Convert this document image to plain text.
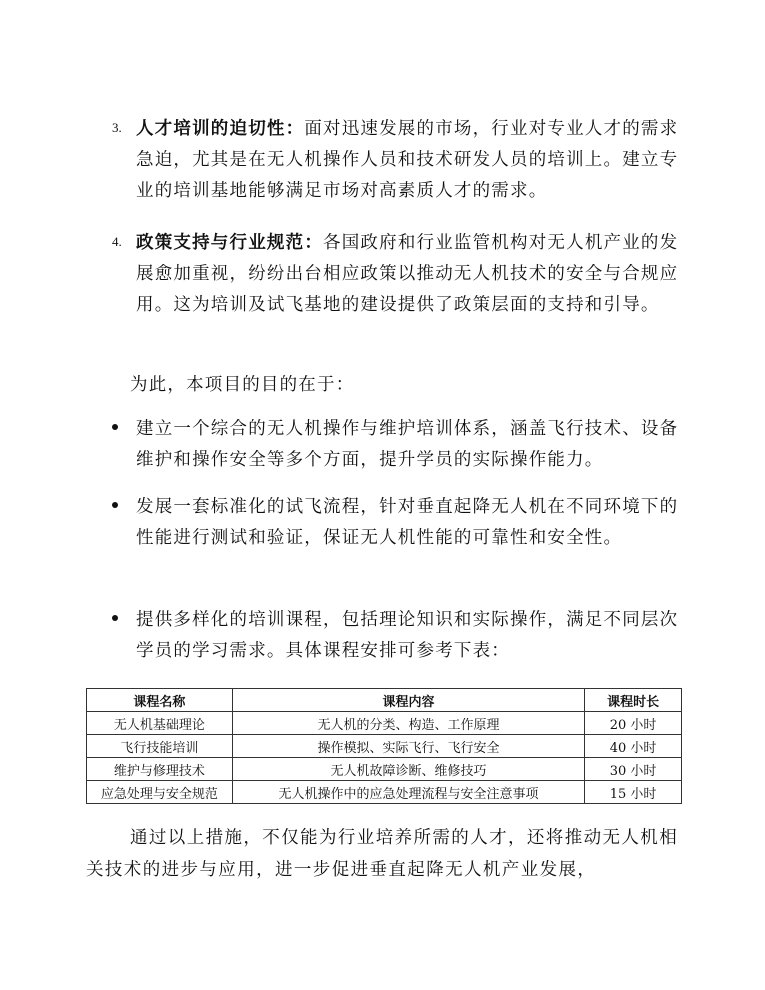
3. 人才培训的迫切性：面对迅速发展的市场，行业对专业人才的需求急迫，尤其是在无人机操作人员和技术研发人员的培训上。建立专业的培训基地能够满足市场对高素质人才的需求。
4. 政策支持与行业规范：各国政府和行业监管机构对无人机产业的发展愈加重视，纷纷出台相应政策以推动无人机技术的安全与合规应用。这为培训及试飞基地的建设提供了政策层面的支持和引导。
为此，本项目的目的在于：
建立一个综合的无人机操作与维护培训体系，涵盖飞行技术、设备维护和操作安全等多个方面，提升学员的实际操作能力。
发展一套标准化的试飞流程，针对垂直起降无人机在不同环境下的性能进行测试和验证，保证无人机性能的可靠性和安全性。
提供多样化的培训课程，包括理论知识和实际操作，满足不同层次学员的学习需求。具体课程安排可参考下表：
课程名称	课程内容	课程时长
无人机基础理论	无人机的分类、构造、工作原理	20 小时
飞行技能培训	操作模拟、实际飞行、飞行安全	40 小时
维护与修理技术	无人机故障诊断、维修技巧	30 小时
应急处理与安全规范	无人机操作中的应急处理流程与安全注意事项	15 小时
通过以上措施，不仅能为行业培养所需的人才，还将推动无人机相关技术的进步与应用，进一步促进垂直起降无人机产业发展，
